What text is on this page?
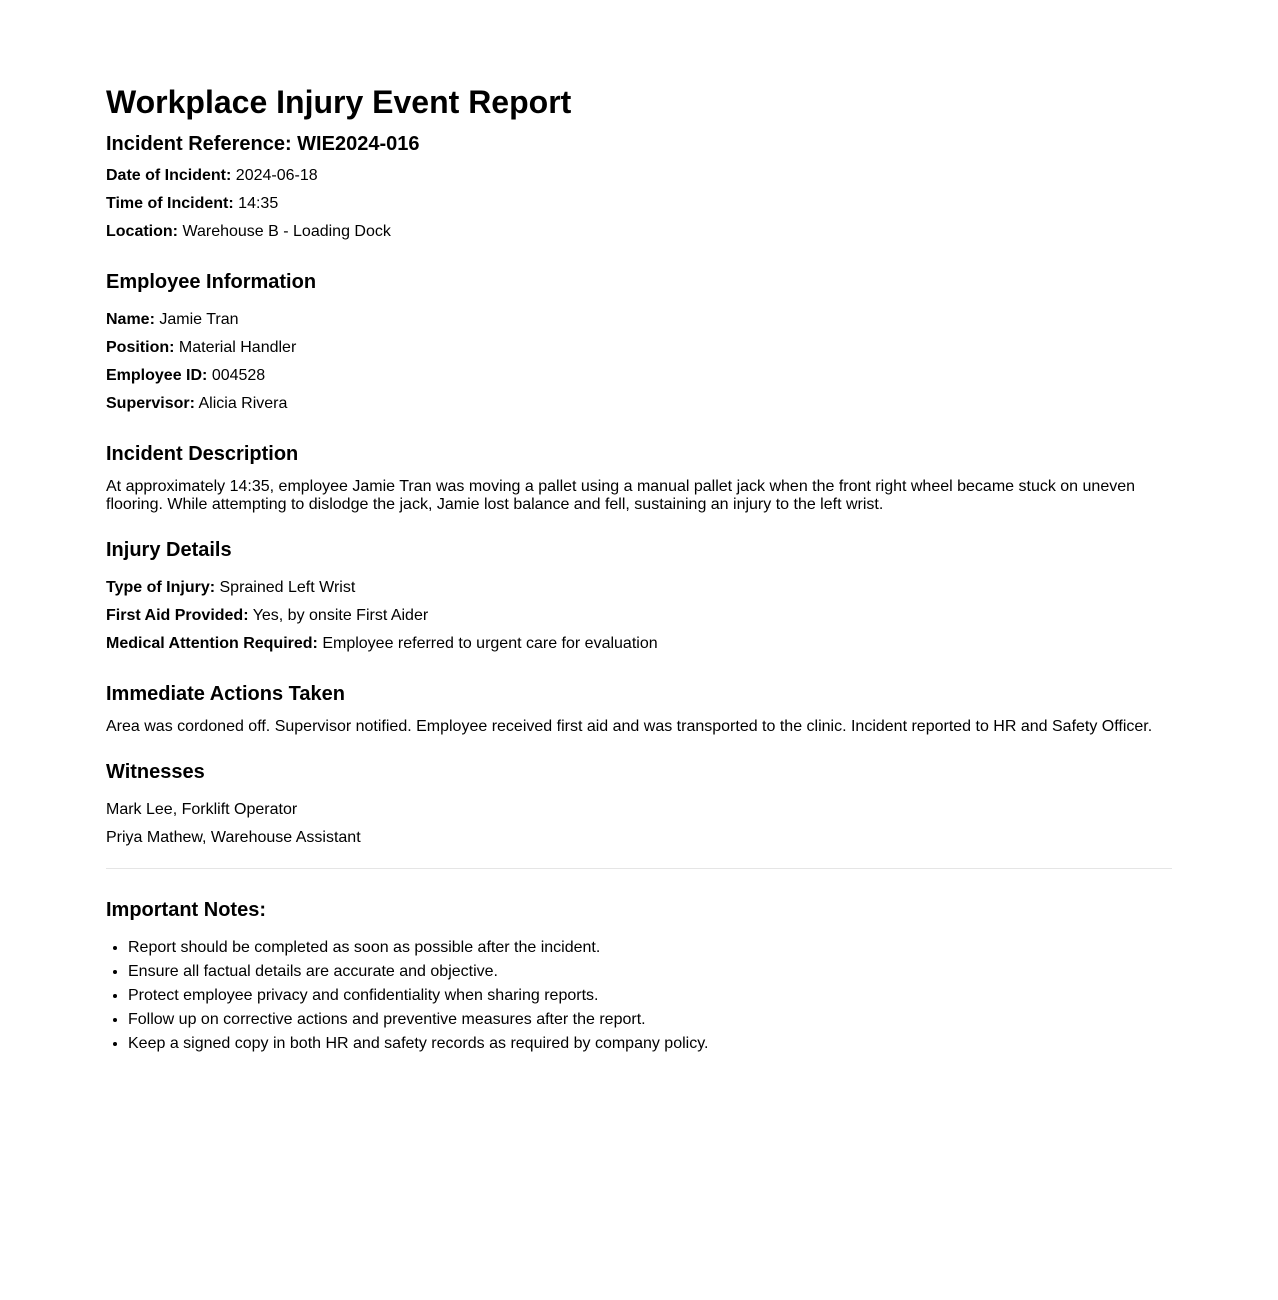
Workplace Injury Event Report
Incident Reference: WIE2024-016

Date of Incident: 2024-06-18

Time of Incident: 14:35

Location: Warehouse B - Loading Dock

Employee Information

Name: Jamie Tran

Position: Material Handler

Employee ID: 004528

Supervisor: Alicia Rivera

Incident Description

At approximately 14:35, employee Jamie Tran was moving a pallet using a manual pallet jack when the front right wheel became stuck on uneven flooring. While attempting to dislodge the jack, Jamie lost balance and fell, sustaining an injury to the left wrist.

Injury Details

Type of Injury: Sprained Left Wrist

First Aid Provided: Yes, by onsite First Aider

Medical Attention Required: Employee referred to urgent care for evaluation

Immediate Actions Taken

Area was cordoned off. Supervisor notified. Employee received first aid and was transported to the clinic. Incident reported to HR and Safety Officer.

Witnesses

Mark Lee, Forklift Operator

Priya Mathew, Warehouse Assistant

Important Notes:
• Report should be completed as soon as possible after the incident.
• Ensure all factual details are accurate and objective.
• Protect employee privacy and confidentiality when sharing reports.
• Follow up on corrective actions and preventive measures after the report.
• Keep a signed copy in both HR and safety records as required by company policy.
